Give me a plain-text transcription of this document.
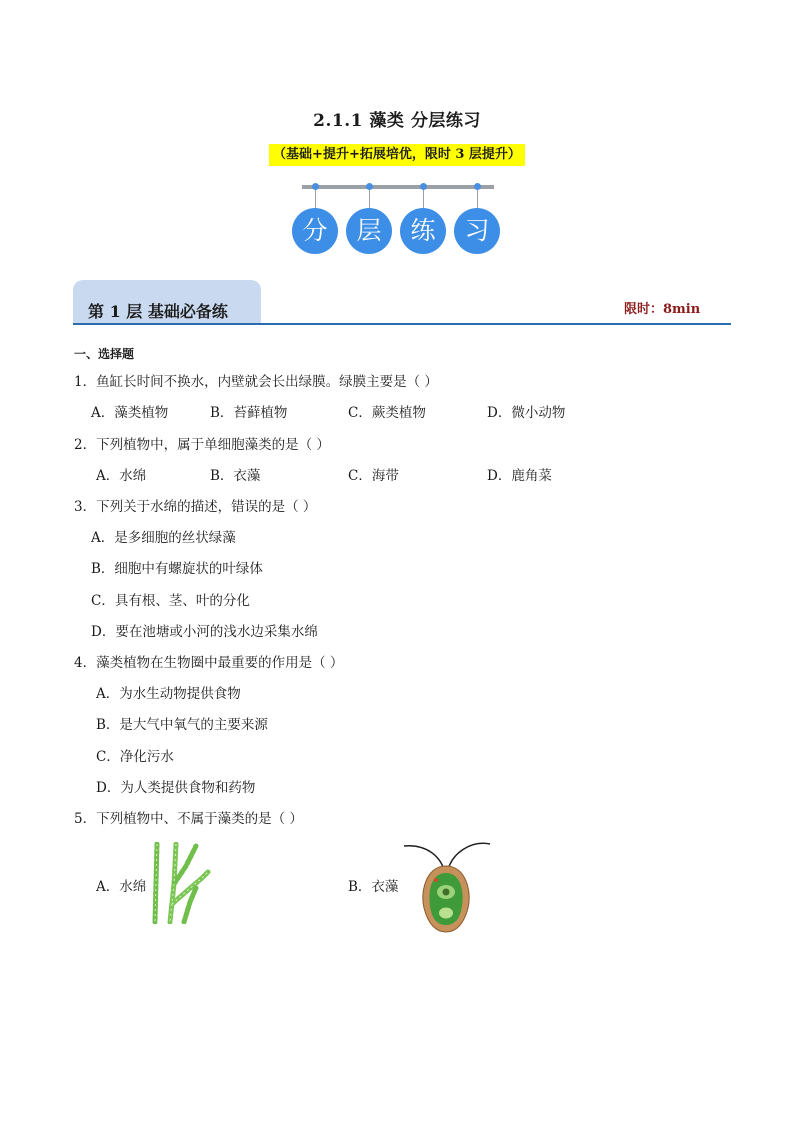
2.1.1 藻类 分层练习
（基础+提升+拓展培优，限时 3 层提升）
分	层	练	习
第 1 层 基础必备练	限时：8min
一、选择题
1．鱼缸长时间不换水，内壁就会长出绿膜。绿膜主要是（ ）
A．藻类植物	B．苔藓植物	C．蕨类植物	D．微小动物
2．下列植物中，属于单细胞藻类的是（ ）
A．水绵	B．衣藻	C．海带	D．鹿角菜
3．下列关于水绵的描述，错误的是（ ）
A．是多细胞的丝状绿藻
B．细胞中有螺旋状的叶绿体
C．具有根、茎、叶的分化
D．要在池塘或小河的浅水边采集水绵
4．藻类植物在生物圈中最重要的作用是（ ）
A．为水生动物提供食物
B．是大气中氧气的主要来源
C．净化污水
D．为人类提供食物和药物
5．下列植物中、不属于藻类的是（ ）
A．水绵	B．衣藻
